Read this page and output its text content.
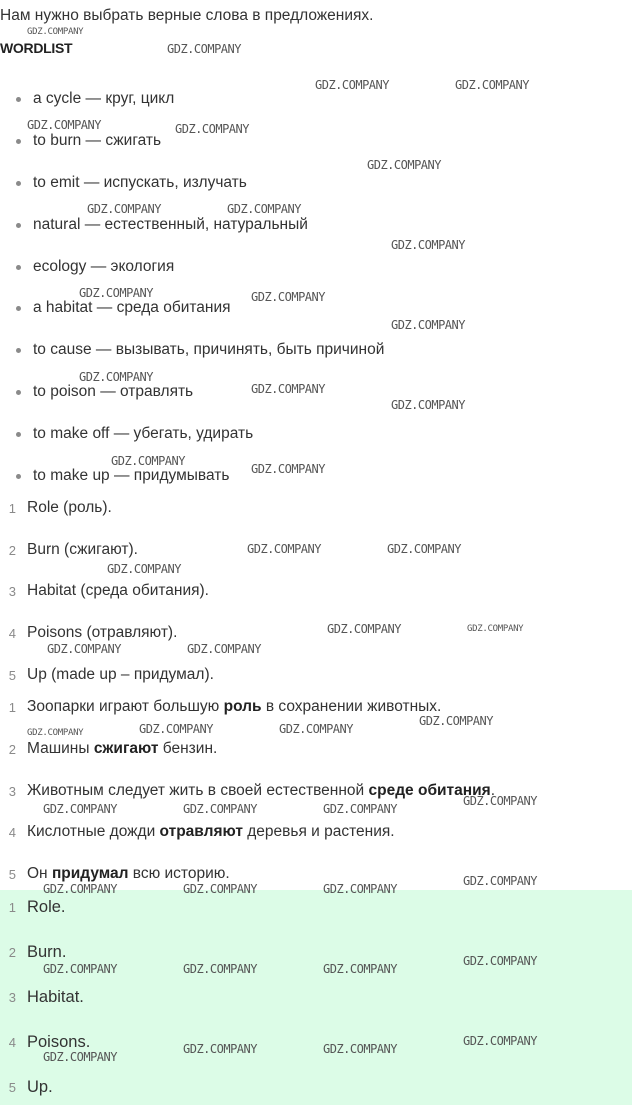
Нам нужно выбрать верные слова в предложениях.
WORDLIST
a cycle — круг, цикл
to burn — сжигать
to emit — испускать, излучать
natural — естественный, натуральный
ecology — экология
a habitat — среда обитания
to cause — вызывать, причинять, быть причиной
to poison — отравлять
to make off — убегать, удирать
to make up — придумывать
1 Role (роль).
2 Burn (сжигают).
3 Habitat (среда обитания).
4 Poisons (отравляют).
5 Up (made up – придумал).
1 Зоопарки играют большую роль в сохранении животных.
2 Машины сжигают бензин.
3 Животным следует жить в своей естественной среде обитания.
4 Кислотные дожди отравляют деревья и растения.
5 Он придумал всю историю.
1 Role.
2 Burn.
3 Habitat.
4 Poisons.
5 Up.
GDZ.COMPANY
GDZ.COMPANY
GDZ.COMPANY	GDZ.COMPANY
GDZ.COMPANY	GDZ.COMPANY
GDZ.COMPANY
GDZ.COMPANY	GDZ.COMPANY
GDZ.COMPANY
GDZ.COMPANY	GDZ.COMPANY
GDZ.COMPANY
GDZ.COMPANY
GDZ.COMPANY
GDZ.COMPANY
GDZ.COMPANY
GDZ.COMPANY
GDZ.COMPANY	GDZ.COMPANY
GDZ.COMPANY
GDZ.COMPANY	GDZ.COMPANY
GDZ.COMPANY	GDZ.COMPANY
GDZ.COMPANY
GDZ.COMPANY	GDZ.COMPANY	GDZ.COMPANY
GDZ.COMPANY
GDZ.COMPANY	GDZ.COMPANY	GDZ.COMPANY
GDZ.COMPANY
GDZ.COMPANY	GDZ.COMPANY	GDZ.COMPANY
GDZ.COMPANY
GDZ.COMPANY	GDZ.COMPANY	GDZ.COMPANY
GDZ.COMPANY
GDZ.COMPANY	GDZ.COMPANY
GDZ.COMPANY
